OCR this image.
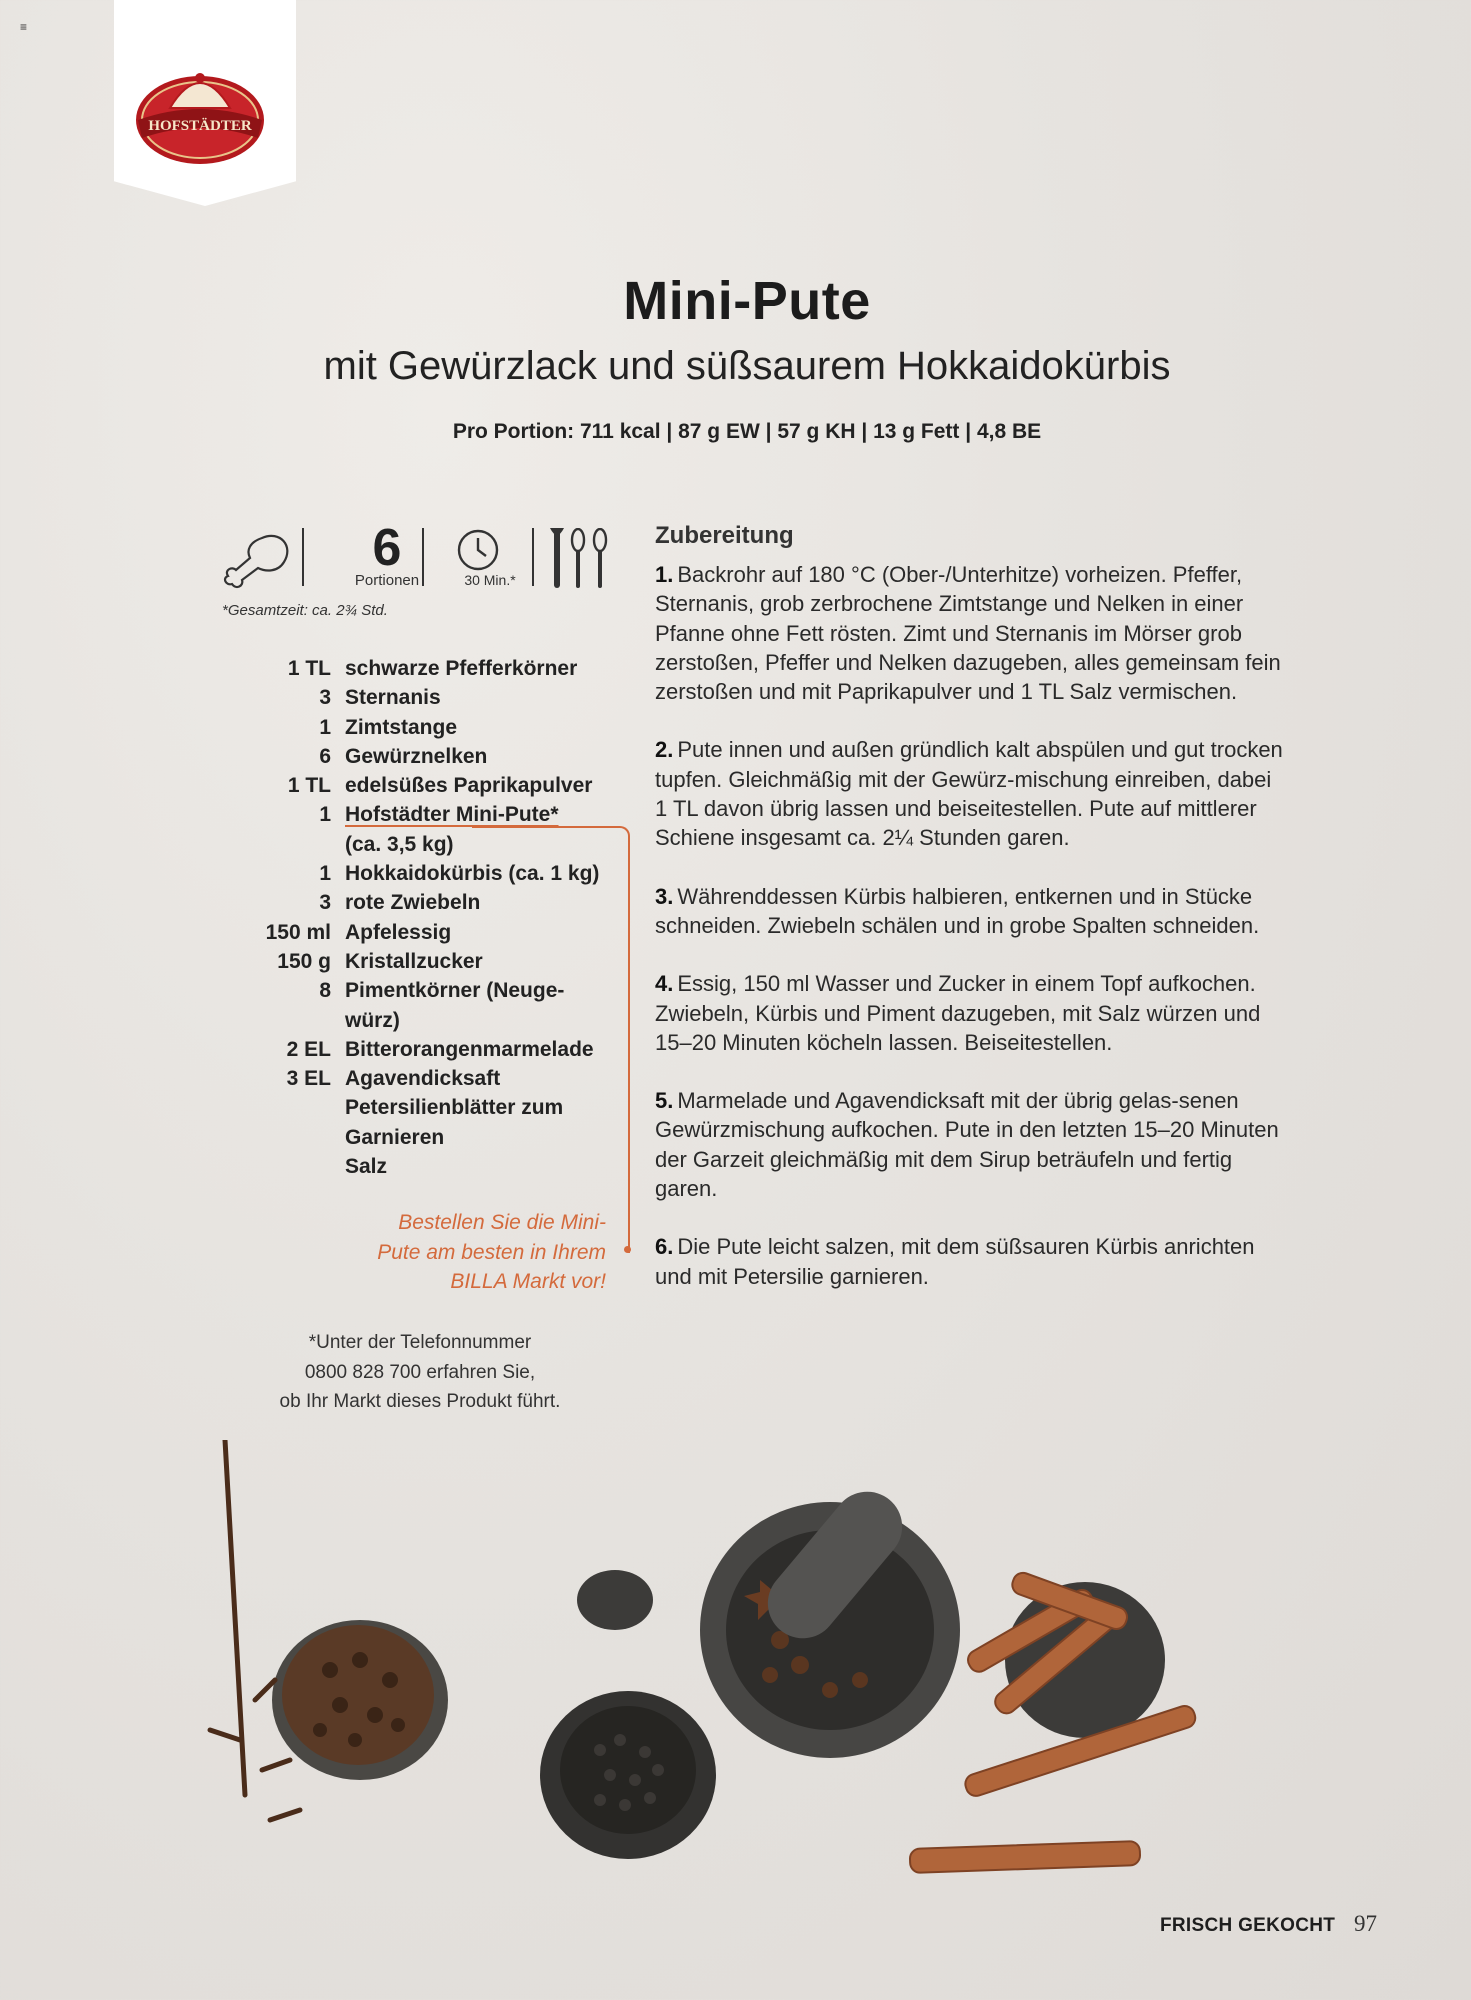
≡
HOFSTÄDTER
Mini-Pute
mit Gewürzlack und süßsaurem Hokkaidokürbis
Pro Portion: 711 kcal | 87 g EW | 57 g KH | 13 g Fett | 4,8 BE
6
Portionen	30 Min.*
*Gesamtzeit: ca. 2¾ Std.
1 TL schwarze Pfefferkörner
3 Sternanis
1 Zimtstange
6 Gewürznelken
1 TL edelsüßes Paprikapulver
1 Hofstädter Mini-Pute*
(ca. 3,5 kg)
1 Hokkaidokürbis (ca. 1 kg)
3 rote Zwiebeln
150 ml Apfelessig
150 g Kristallzucker
8 Pimentkörner (Neuge-
würz)
2 EL Bitterorangenmarmelade
3 EL Agavendicksaft
Petersilienblätter zum
Garnieren
Salz
Bestellen Sie die Mini-
Pute am besten in Ihrem
BILLA Markt vor!
*Unter der Telefonnummer
0800 828 700 erfahren Sie,
ob Ihr Markt dieses Produkt führt.
Zubereitung
1. Backrohr auf 180 °C (Ober-/Unterhitze) vorheizen. Pfeffer, Sternanis, grob zerbrochene Zimtstange und Nelken in einer Pfanne ohne Fett rösten. Zimt und Sternanis im Mörser grob zerstoßen, Pfeffer und Nelken dazugeben, alles gemeinsam fein zerstoßen und mit Paprikapulver und 1 TL Salz vermischen.
2. Pute innen und außen gründlich kalt abspülen und gut trocken tupfen. Gleichmäßig mit der Gewürz-mischung einreiben, dabei 1 TL davon übrig lassen und beiseitestellen. Pute auf mittlerer Schiene insgesamt ca. 2¼ Stunden garen.
3. Währenddessen Kürbis halbieren, entkernen und in Stücke schneiden. Zwiebeln schälen und in grobe Spalten schneiden.
4. Essig, 150 ml Wasser und Zucker in einem Topf aufkochen. Zwiebeln, Kürbis und Piment dazugeben, mit Salz würzen und 15–20 Minuten köcheln lassen. Beiseitestellen.
5. Marmelade und Agavendicksaft mit der übrig gelas-senen Gewürzmischung aufkochen. Pute in den letzten 15–20 Minuten der Garzeit gleichmäßig mit dem Sirup beträufeln und fertig garen.
6. Die Pute leicht salzen, mit dem süßsauren Kürbis anrichten und mit Petersilie garnieren.
FRISCH GEKOCHT 97
